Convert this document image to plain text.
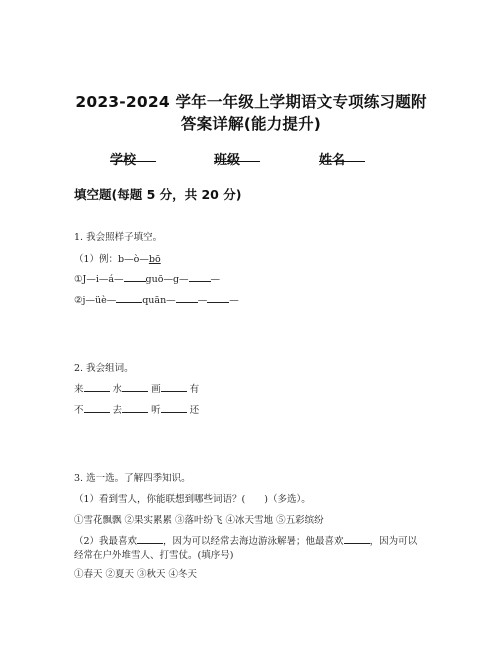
2023-2024 学年一年级上学期语文专项练习题附
答案详解(能力提升)
学校	班级	姓名
填空题(每题 5 分，共 20 分)
1. 我会照样子填空。
（1）例：b—ò—bō
①J—i—á— guō—g— —
②j—üè—	quān— — —
2. 我会组词。
来	水	画	有
不	去	听	还
3. 选一选。了解四季知识。
（1）看到雪人，你能联想到哪些词语？(　　)（多选）。
①雪花飘飘 ②果实累累 ③落叶纷飞 ④冰天雪地 ⑤五彩缤纷
（2）我最喜欢	，因为可以经常去海边游泳解暑；他最喜欢	，因为可以
经常在户外堆雪人、打雪仗。(填序号)
①春天 ②夏天 ③秋天 ④冬天
